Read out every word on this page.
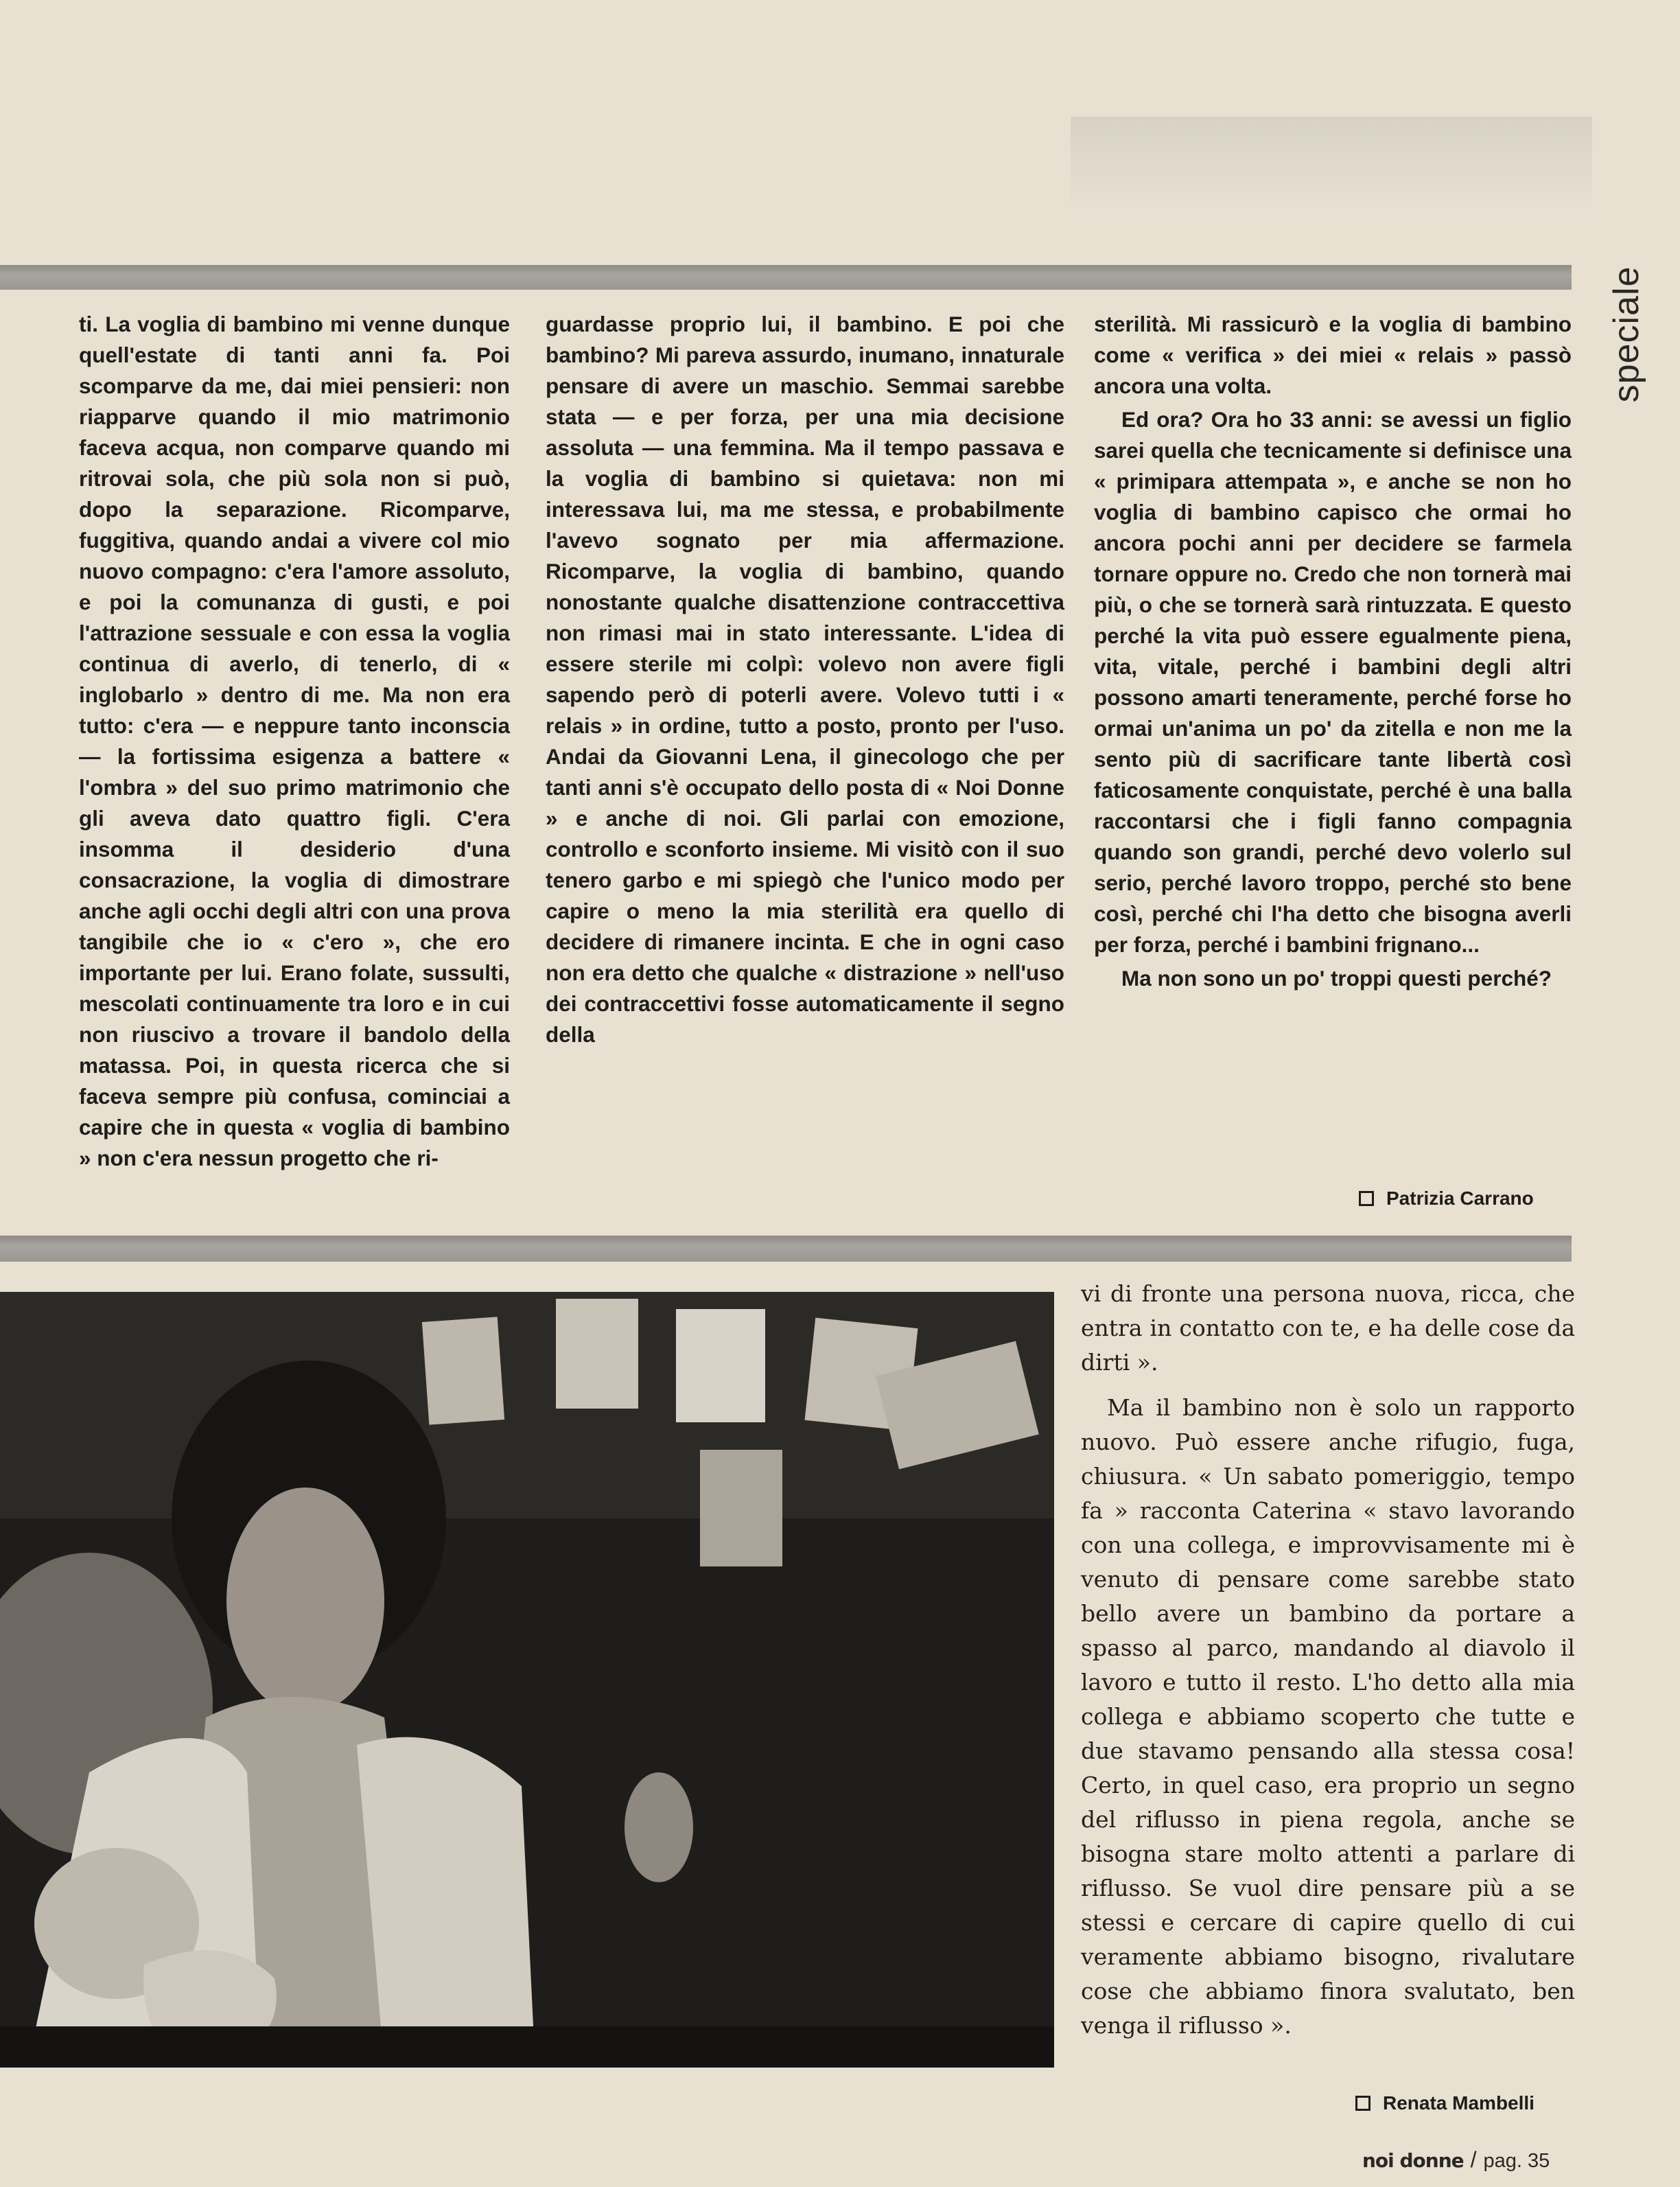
speciale

ti. La voglia di bambino mi venne dunque quell'estate di tanti anni fa. Poi scomparve da me, dai miei pensieri: non riapparve quando il mio matrimonio faceva acqua, non comparve quando mi ritrovai sola, che più sola non si può, dopo la separazione. Ricomparve, fuggitiva, quando andai a vivere col mio nuovo compagno: c'era l'amore assoluto, e poi la comunanza di gusti, e poi l'attrazione sessuale e con essa la voglia continua di averlo, di tenerlo, di « inglobarlo » dentro di me. Ma non era tutto: c'era — e neppure tanto inconscia — la fortissima esigenza a battere « l'ombra » del suo primo matrimonio che gli aveva dato quattro figli. C'era insomma il desiderio d'una consacrazione, la voglia di dimostrare anche agli occhi degli altri con una prova tangibile che io « c'ero », che ero importante per lui. Erano folate, sussulti, mescolati continuamente tra loro e in cui non riuscivo a trovare il bandolo della matassa. Poi, in questa ricerca che si faceva sempre più confusa, cominciai a capire che in questa « voglia di bambino » non c'era nessun progetto che ri-

guardasse proprio lui, il bambino. E poi che bambino? Mi pareva assurdo, inumano, innaturale pensare di avere un maschio. Semmai sarebbe stata — e per forza, per una mia decisione assoluta — una femmina. Ma il tempo passava e la voglia di bambino si quietava: non mi interessava lui, ma me stessa, e probabilmente l'avevo sognato per mia affermazione. Ricomparve, la voglia di bambino, quando nonostante qualche disattenzione contraccettiva non rimasi mai in stato interessante. L'idea di essere sterile mi colpì: volevo non avere figli sapendo però di poterli avere. Volevo tutti i « relais » in ordine, tutto a posto, pronto per l'uso. Andai da Giovanni Lena, il ginecologo che per tanti anni s'è occupato dello posta di « Noi Donne » e anche di noi. Gli parlai con emozione, controllo e sconforto insieme. Mi visitò con il suo tenero garbo e mi spiegò che l'unico modo per capire o meno la mia sterilità era quello di decidere di rimanere incinta. E che in ogni caso non era detto che qualche « distrazione » nell'uso dei contraccettivi fosse automaticamente il segno della

sterilità. Mi rassicurò e la voglia di bambino come « verifica » dei miei « relais » passò ancora una volta.

Ed ora? Ora ho 33 anni: se avessi un figlio sarei quella che tecnicamente si definisce una « primipara attempata », e anche se non ho voglia di bambino capisco che ormai ho ancora pochi anni per decidere se farmela tornare oppure no. Credo che non tornerà mai più, o che se tornerà sarà rintuzzata. E questo perché la vita può essere egualmente piena, vita, vitale, perché i bambini degli altri possono amarti teneramente, perché forse ho ormai un'anima un po' da zitella e non me la sento più di sacrificare tante libertà così faticosamente conquistate, perché è una balla raccontarsi che i figli fanno compagnia quando son grandi, perché devo volerlo sul serio, perché lavoro troppo, perché sto bene così, perché chi l'ha detto che bisogna averli per forza, perché i bambini frignano...

Ma non sono un po' troppi questi perché?

Patrizia Carrano

vi di fronte una persona nuova, ricca, che entra in contatto con te, e ha delle cose da dirti ».

Ma il bambino non è solo un rapporto nuovo. Può essere anche rifugio, fuga, chiusura. « Un sabato pomeriggio, tempo fa » racconta Caterina « stavo lavorando con una collega, e improvvisamente mi è venuto di pensare come sarebbe stato bello avere un bambino da portare a spasso al parco, mandando al diavolo il lavoro e tutto il resto. L'ho detto alla mia collega e abbiamo scoperto che tutte e due stavamo pensando alla stessa cosa! Certo, in quel caso, era proprio un segno del riflusso in piena regola, anche se bisogna stare molto attenti a parlare di riflusso. Se vuol dire pensare più a se stessi e cercare di capire quello di cui veramente abbiamo bisogno, rivalutare cose che abbiamo finora svalutato, ben venga il riflusso ».

Renata Mambelli
noi donne / pag. 35
